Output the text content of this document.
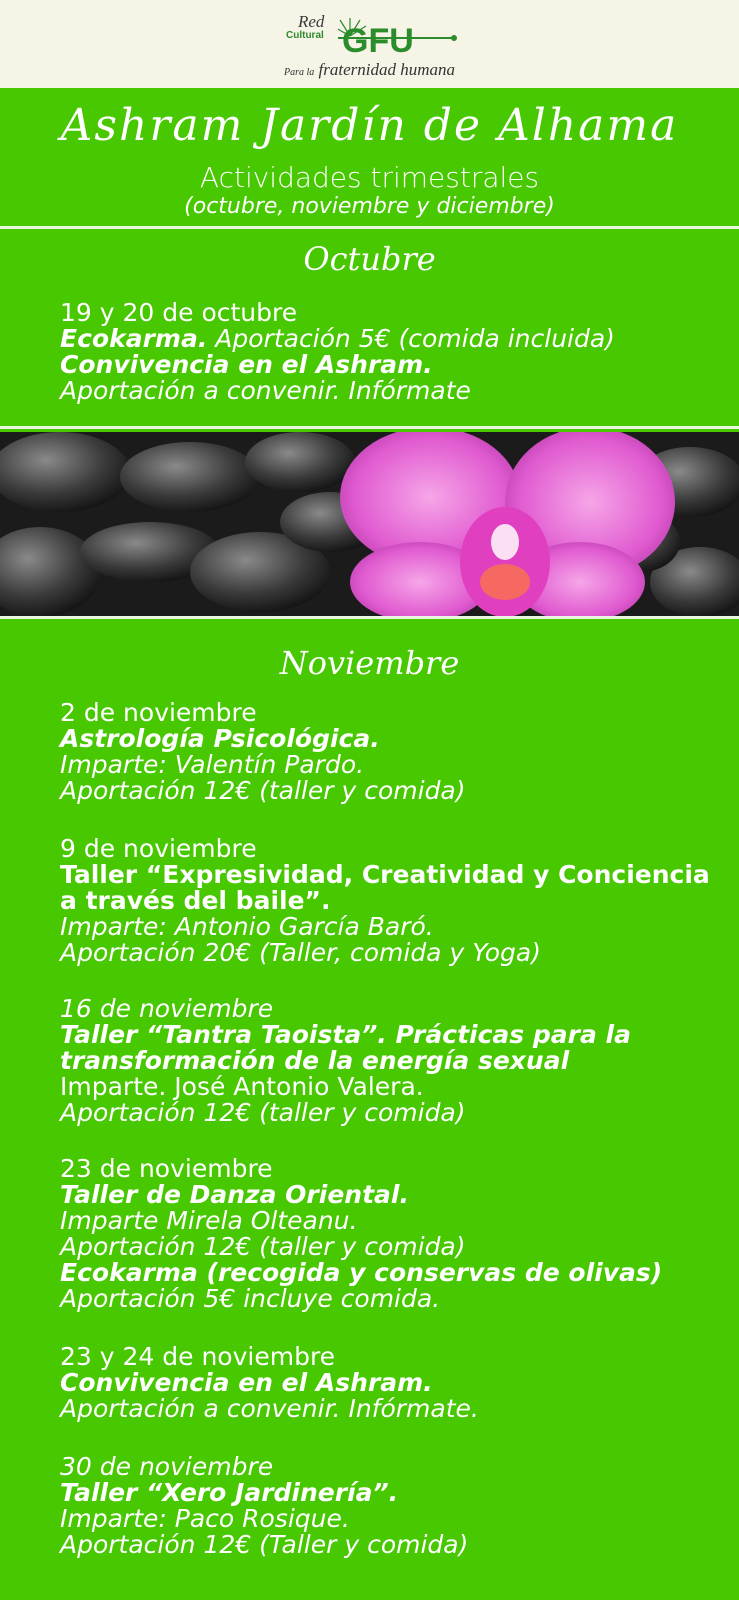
Red
Cultural GFU
Para la fraternidad humana
Ashram Jardín de Alhama
Actividades trimestrales
(octubre, noviembre y diciembre)
Octubre
19 y 20 de octubre
Ecokarma. Aportación 5€ (comida incluida)
Convivencia en el Ashram.
Aportación a convenir. Infórmate
Noviembre
2 de noviembre
Astrología Psicológica.
Imparte: Valentín Pardo.
Aportación 12€ (taller y comida)
9 de noviembre
Taller “Expresividad, Creatividad y Conciencia
a través del baile”.
Imparte: Antonio García Baró.
Aportación 20€ (Taller, comida y Yoga)
16 de noviembre
Taller “Tantra Taoista”. Prácticas para la
transformación de la energía sexual
Imparte. José Antonio Valera.
Aportación 12€ (taller y comida)
23 de noviembre
Taller de Danza Oriental.
Imparte Mirela Olteanu.
Aportación 12€ (taller y comida)
Ecokarma (recogida y conservas de olivas)
Aportación 5€ incluye comida.
23 y 24 de noviembre
Convivencia en el Ashram.
Aportación a convenir. Infórmate.
30 de noviembre
Taller “Xero Jardinería”.
Imparte: Paco Rosique.
Aportación 12€ (Taller y comida)
